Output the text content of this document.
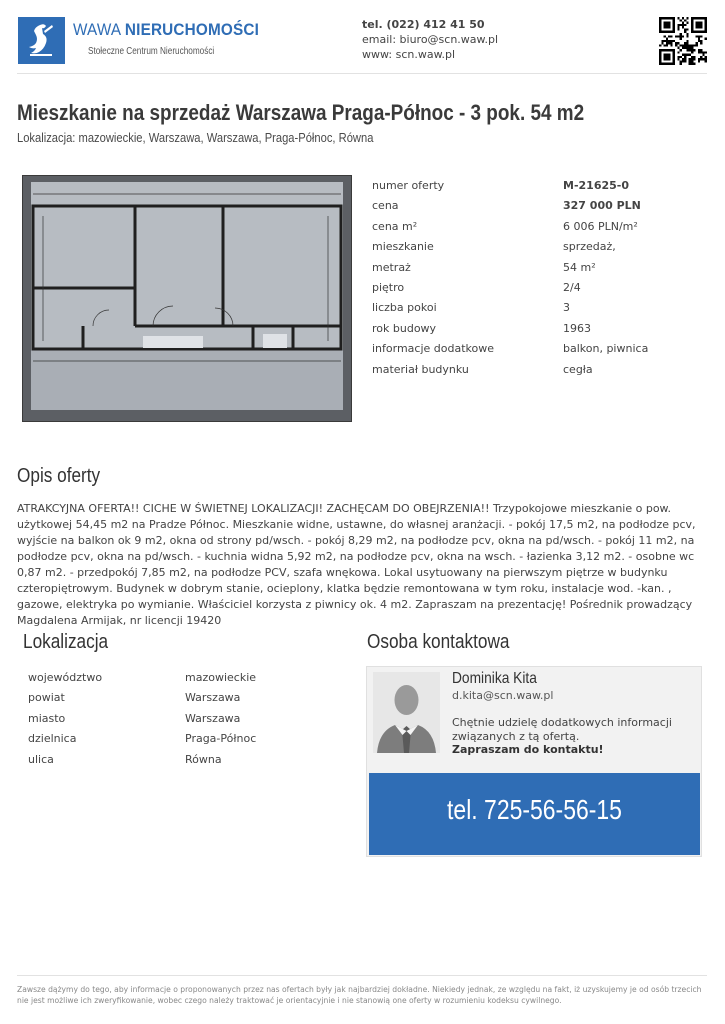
WAWA NIERUCHOMOŚCI
Stołeczne Centrum Nieruchomości
tel. (022) 412 41 50
email: biuro@scn.waw.pl
www: scn.waw.pl
Mieszkanie na sprzedaż Warszawa Praga-Północ - 3 pok. 54 m2
Lokalizacja: mazowieckie, Warszawa, Warszawa, Praga-Północ, Równa
numer oferty	M-21625-0
cena	327 000 PLN
cena m²	6 006 PLN/m²
mieszkanie	sprzedaż,
metraż	54 m²
piętro	2/4
liczba pokoi	3
rok budowy	1963
informacje dodatkowe	balkon, piwnica
materiał budynku	cegła
Opis oferty
ATRAKCYJNA OFERTA!! CICHE W ŚWIETNEJ LOKALIZACJI! ZACHĘCAM DO OBEJRZENIA!! Trzypokojowe mieszkanie o pow. użytkowej 54,45 m2 na Pradze Północ. Mieszkanie widne, ustawne, do własnej aranżacji. - pokój 17,5 m2, na podłodze pcv, wyjście na balkon ok 9 m2, okna od strony pd/wsch. - pokój 8,29 m2, na podłodze pcv, okna na pd/wsch. - pokój 11 m2, na podłodze pcv, okna na pd/wsch. - kuchnia widna 5,92 m2, na podłodze pcv, okna na wsch. - łazienka 3,12 m2. - osobne wc 0,87 m2. - przedpokój 7,85 m2, na podłodze PCV, szafa wnękowa. Lokal usytuowany na pierwszym piętrze w budynku czteropiętrowym. Budynek w dobrym stanie, ocieplony, klatka będzie remontowana w tym roku, instalacje wod. -kan. , gazowe, elektryka po wymianie. Właściciel korzysta z piwnicy ok. 4 m2. Zapraszam na prezentację! Pośrednik prowadzący Magdalena Armijak, nr licencji 19420
Lokalizacja
województwo	mazowieckie
powiat	Warszawa
miasto	Warszawa
dzielnica	Praga-Północ
ulica	Równa
Osoba kontaktowa
Dominika Kita
d.kita@scn.waw.pl
Chętnie udzielę dodatkowych informacji związanych z tą ofertą.
Zapraszam do kontaktu!
tel. 725-56-56-15
Zawsze dążymy do tego, aby informacje o proponowanych przez nas ofertach były jak najbardziej dokładne. Niekiedy jednak, ze względu na fakt, iż uzyskujemy je od osób trzecich nie jest możliwe ich zweryfikowanie, wobec czego należy traktować je orientacyjnie i nie stanowią one oferty w rozumieniu kodeksu cywilnego.
